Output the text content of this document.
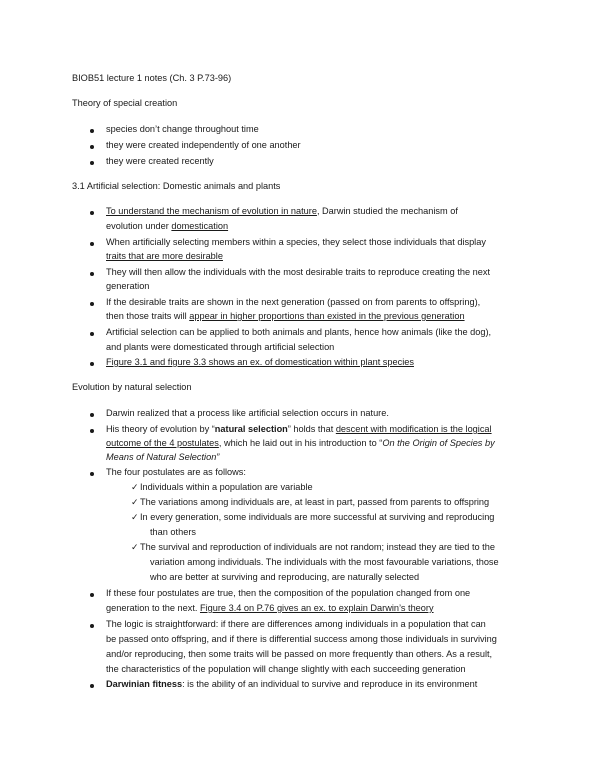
BIOB51 lecture 1 notes (Ch. 3 P.73-96)
Theory of special creation
species don’t change throughout time
they were created independently of one another
they were created recently
3.1 Artificial selection: Domestic animals and plants
To understand the mechanism of evolution in nature, Darwin studied the mechanism of
evolution under domestication
When artificially selecting members within a species, they select those individuals that display
traits that are more desirable
They will then allow the individuals with the most desirable traits to reproduce creating the next
generation
If the desirable traits are shown in the next generation (passed on from parents to offspring),
then those traits will appear in higher proportions than existed in the previous generation
Artificial selection can be applied to both animals and plants, hence how animals (like the dog),
and plants were domesticated through artificial selection
Figure 3.1 and figure 3.3 shows an ex. of domestication within plant species
Evolution by natural selection
Darwin realized that a process like artificial selection occurs in nature.
His theory of evolution by “natural selection” holds that descent with modification is the logical
outcome of the 4 postulates, which he laid out in his introduction to “On the Origin of Species by
Means of Natural Selection”
The four postulates are as follows:
✓ Individuals within a population are variable
✓ The variations among individuals are, at least in part, passed from parents to offspring
✓ In every generation, some individuals are more successful at surviving and reproducing
than others
✓ The survival and reproduction of individuals are not random; instead they are tied to the
variation among individuals. The individuals with the most favourable variations, those
who are better at surviving and reproducing, are naturally selected
If these four postulates are true, then the composition of the population changed from one
generation to the next. Figure 3.4 on P.76 gives an ex. to explain Darwin’s theory
The logic is straightforward: if there are differences among individuals in a population that can
be passed onto offspring, and if there is differential success among those individuals in surviving
and/or reproducing, then some traits will be passed on more frequently than others. As a result,
the characteristics of the population will change slightly with each succeeding generation
Darwinian fitness: is the ability of an individual to survive and reproduce in its environment
